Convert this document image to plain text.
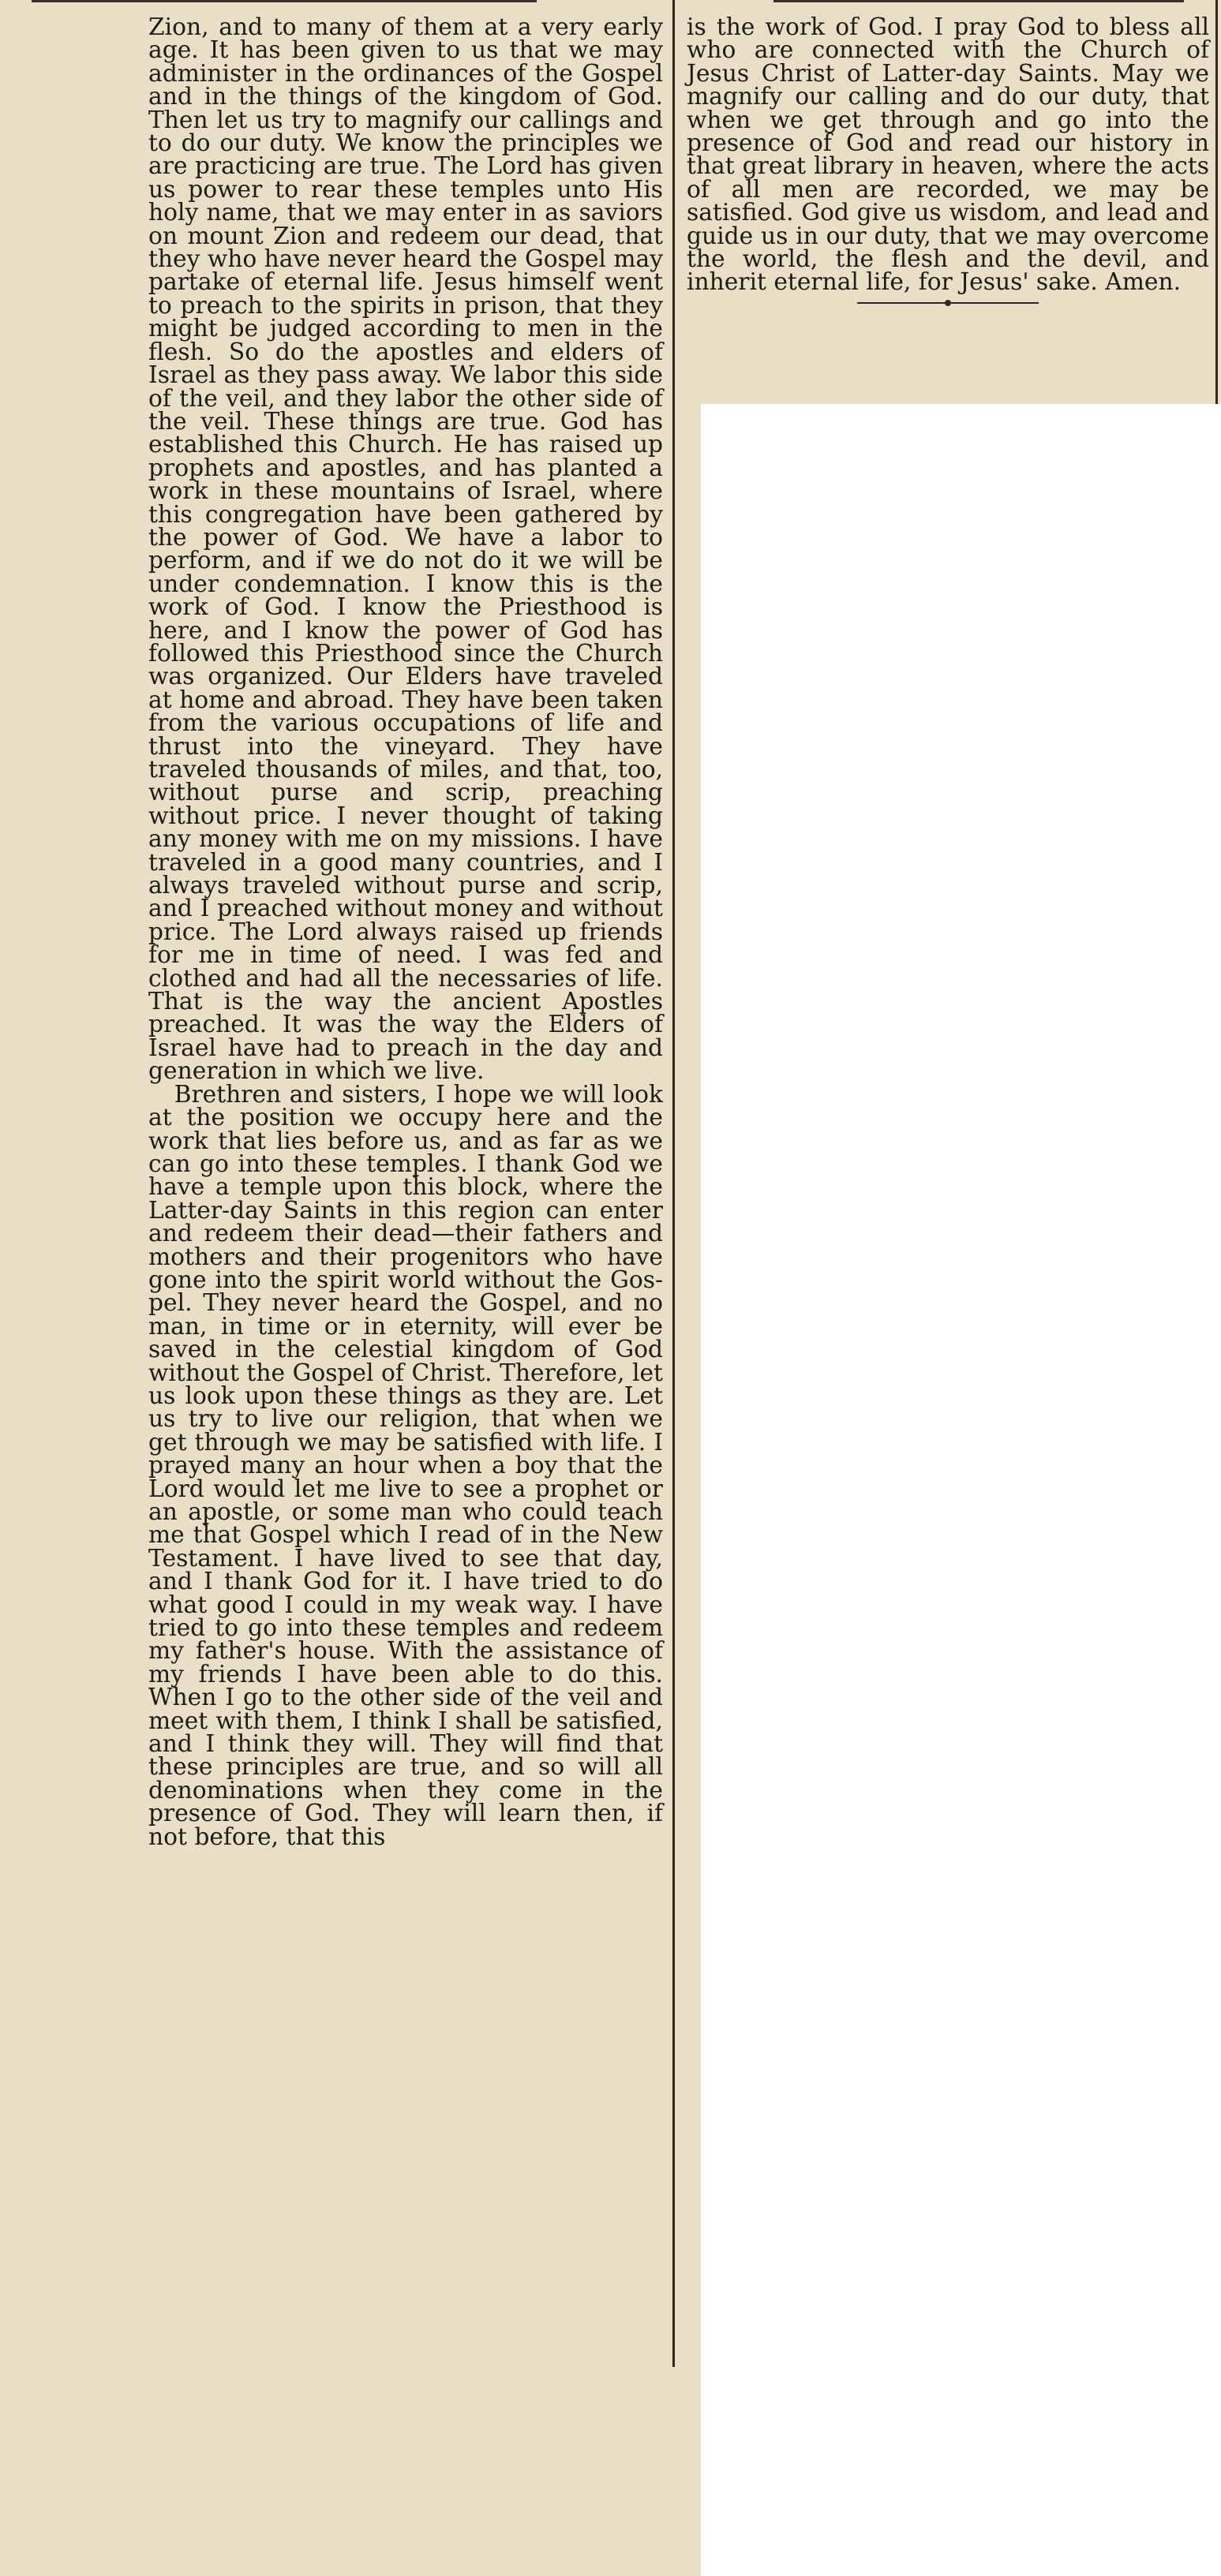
Zion, and to many of them at a very early age. It has been given to us that we may administer in the ordinances of the Gospel and in the things of the kingdom of God. Then let us try to magnify our callings and to do our duty. We know the principles we are practicing are true. The Lord has given us power to rear these temples unto His holy name, that we may enter in as saviors on mount Zion and redeem our dead, that they who have never heard the Gospel may partake of eternal life. Jesus himself went to preach to the spirits in prison, that they might be judged according to men in the flesh. So do the apostles and elders of Israel as they pass away. We labor this side of the veil, and they labor the other side of the veil. These things are true. God has established this Church. He has raised up prophets and apostles, and has planted a work in these mountains of Israel, where this congregation have been gathered by the power of God. We have a labor to perform, and if we do not do it we will be under condemnation. I know this is the work of God. I know the Priesthood is here, and I know the power of God has followed this Priesthood since the Church was organized. Our Elders have traveled at home and abroad. They have been taken from the various occupations of life and thrust into the vineyard. They have traveled thousands of miles, and that, too, without purse and scrip, preaching without price. I never thought of taking any money with me on my missions. I have traveled in a good many countries, and I always traveled without purse and scrip, and I preached without money and without price. The Lord always raised up friends for me in time of need. I was fed and clothed and had all the necessaries of life. That is the way the ancient Apostles preached. It was the way the Elders of Israel have had to preach in the day and generation in which we live.

Brethren and sisters, I hope we will look at the position we occupy here and the work that lies before us, and as far as we can go into these temples. I thank God we have a temple upon this block, where the Latter-day Saints in this region can enter and redeem their dead—their fathers and mothers and their progenitors who have gone into the spirit world without the Gospel. They never heard the Gospel, and no man, in time or in eternity, will ever be saved in the celestial kingdom of God without the Gospel of Christ. Therefore, let us look upon these things as they are. Let us try to live our religion, that when we get through we may be satisfied with life. I prayed many an hour when a boy that the Lord would let me live to see a prophet or an apostle, or some man who could teach me that Gospel which I read of in the New Testament. I have lived to see that day, and I thank God for it. I have tried to do what good I could in my weak way. I have tried to go into these temples and redeem my father's house. With the assistance of my friends I have been able to do this. When I go to the other side of the veil and meet with them, I think I shall be satisfied, and I think they will. They will find that these principles are true, and so will all denominations when they come in the presence of God. They will learn then, if not before, that this

is the work of God. I pray God to bless all who are connected with the Church of Jesus Christ of Latter-day Saints. May we magnify our calling and do our duty, that when we get through and go into the presence of God and read our history in that great library in heaven, where the acts of all men are recorded, we may be satisfied. God give us wisdom, and lead and guide us in our duty, that we may overcome the world, the flesh and the devil, and inherit eternal life, for Jesus' sake. Amen.
